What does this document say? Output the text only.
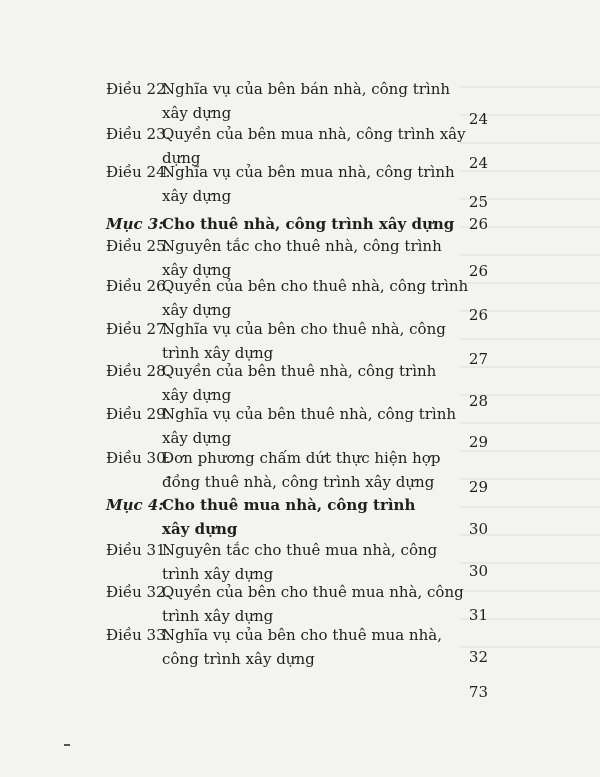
Điều 22.
Nghĩa vụ của bên bán nhà, công trình
xây dựng	24
Điều 23.
Quyền của bên mua nhà, công trình xây
dựng	24
Điều 24.
Nghĩa vụ của bên mua nhà, công trình
xây dựng	25
Mục 3:
Cho thuê nhà, công trình xây dựng 26
Điều 25.
Nguyên tắc cho thuê nhà, công trình
xây dựng	26
Điều 26.
Quyền của bên cho thuê nhà, công trình
xây dựng	26
Điều 27.
Nghĩa vụ của bên cho thuê nhà, công
trình xây dựng	27
Điều 28.
Quyền của bên thuê nhà, công trình
xây dựng	28
Điều 29.
Nghĩa vụ của bên thuê nhà, công trình
xây dựng	29
Điều 30.
Đơn phương chấm dứt thực hiện hợp
đồng thuê nhà, công trình xây dựng	29
Mục 4:
Cho thuê mua nhà, công trình
xây dựng	30
Điều 31.
Nguyên tắc cho thuê mua nhà, công
trình xây dựng	30
Điều 32.
Quyền của bên cho thuê mua nhà, công
trình xây dựng	31
Điều 33.
Nghĩa vụ của bên cho thuê mua nhà,
công trình xây dựng	32
73
